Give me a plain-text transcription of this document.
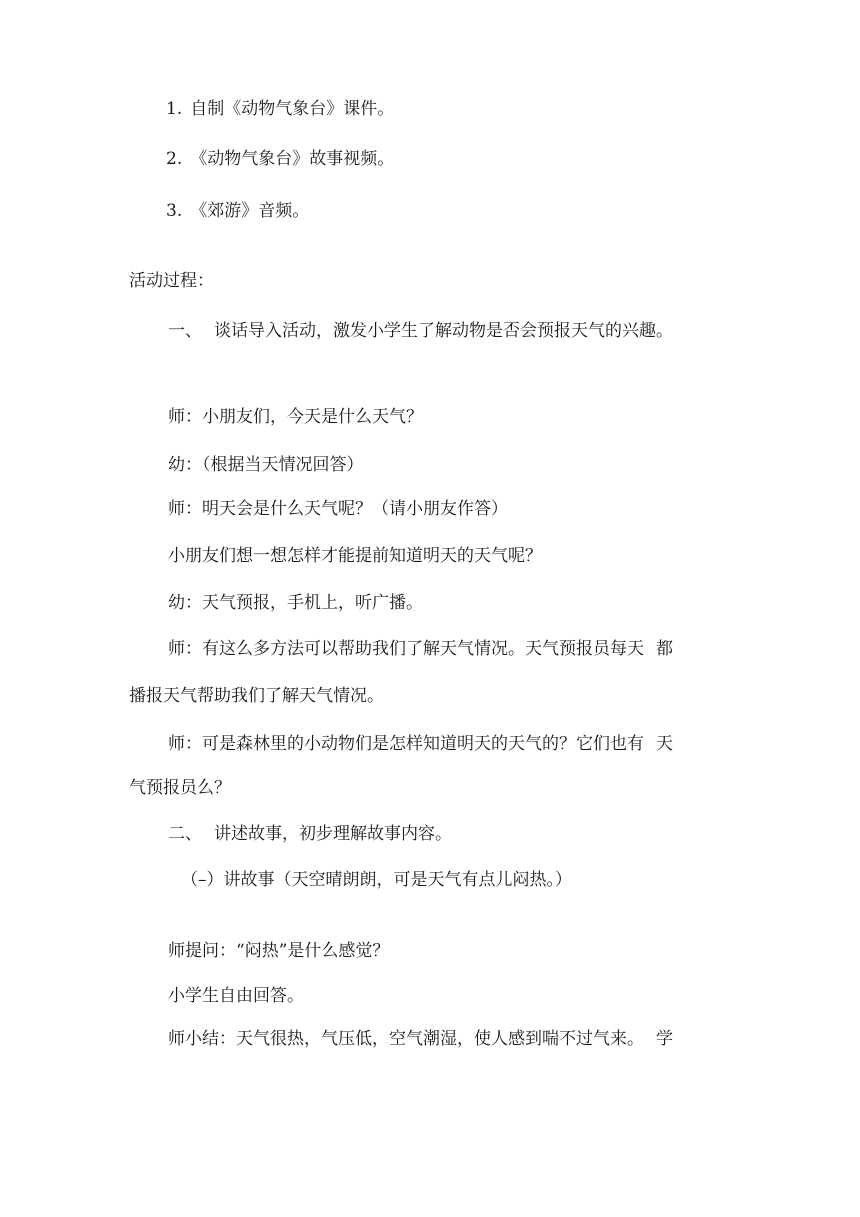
1. 自制《动物气象台》课件。
2. 《动物气象台》故事视频。
3. 《郊游》音频。
活动过程：
一、 谈话导入活动，激发小学生了解动物是否会预报天气的兴趣。
师：小朋友们，今天是什么天气？
幼：（根据当天情况回答）
师：明天会是什么天气呢？（请小朋友作答）
小朋友们想一想怎样才能提前知道明天的天气呢？
幼：天气预报，手机上，听广播。
师：有这么多方法可以帮助我们了解天气情况。天气预报员每天 都
播报天气帮助我们了解天气情况。
师：可是森林里的小动物们是怎样知道明天的天气的？它们也有 天
气预报员么？
二、 讲述故事，初步理解故事内容。
（–）讲故事（天空晴朗朗，可是天气有点儿闷热。）
师提问：“闷热”是什么感觉？
小学生自由回答。
师小结：天气很热，气压低，空气潮湿，使人感到喘不过气来。 学
